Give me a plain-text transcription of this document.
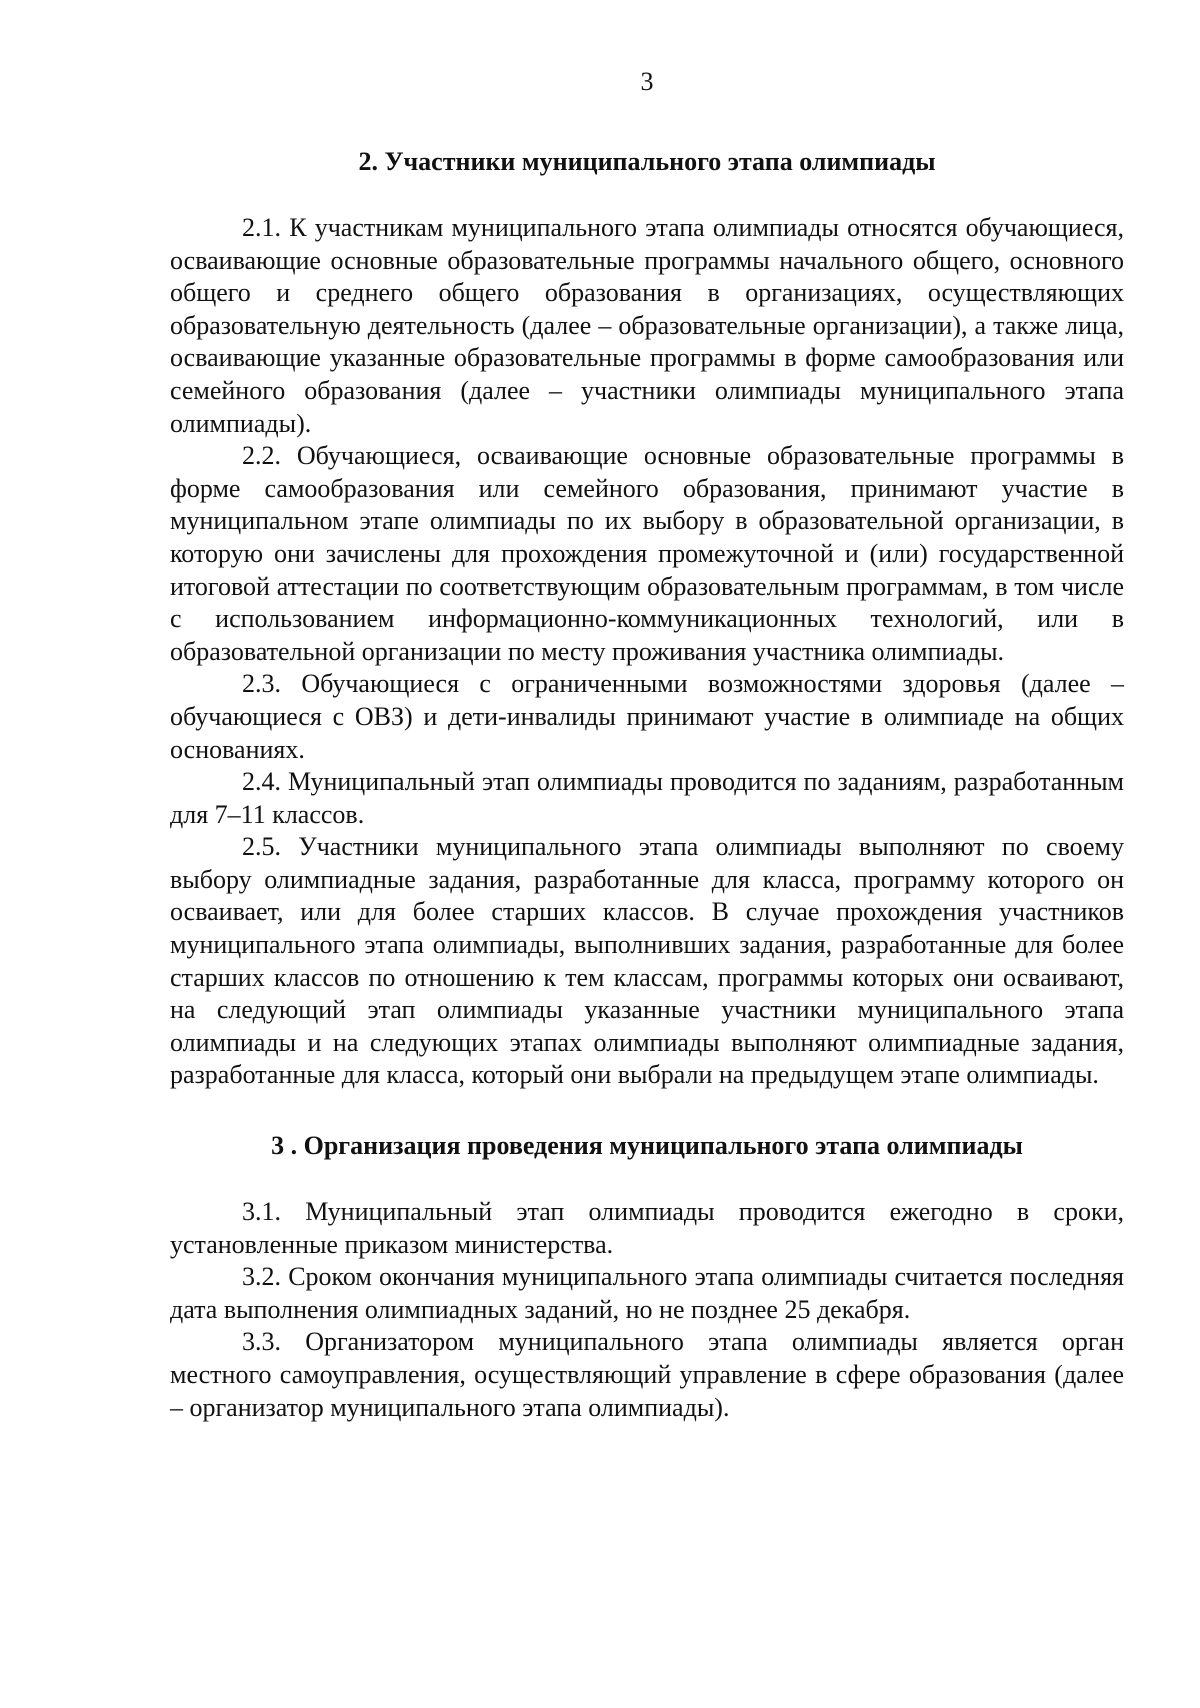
3
2. Участники муниципального этапа олимпиады

2.1. К участникам муниципального этапа олимпиады относятся обучающиеся, осваивающие основные образовательные программы начального общего, основного общего и среднего общего образования в организациях, осуществляющих образовательную деятельность (далее – образовательные организации), а также лица, осваивающие указанные образовательные программы в форме самообразования или семейного образования (далее – участники олимпиады муниципального этапа олимпиады).

2.2. Обучающиеся, осваивающие основные образовательные программы в форме самообразования или семейного образования, принимают участие в муниципальном этапе олимпиады по их выбору в образовательной организации, в которую они зачислены для прохождения промежуточной и (или) государственной итоговой аттестации по соответствующим образовательным программам, в том числе с использованием информационно-коммуникационных технологий, или в образовательной организации по месту проживания участника олимпиады.

2.3. Обучающиеся с ограниченными возможностями здоровья (далее – обучающиеся с ОВЗ) и дети-инвалиды принимают участие в олимпиаде на общих основаниях.

2.4. Муниципальный этап олимпиады проводится по заданиям, разработанным для 7–11 классов.

2.5. Участники муниципального этапа олимпиады выполняют по своему выбору олимпиадные задания, разработанные для класса, программу которого он осваивает, или для более старших классов. В случае прохождения участников муниципального этапа олимпиады, выполнивших задания, разработанные для более старших классов по отношению к тем классам, программы которых они осваивают, на следующий этап олимпиады указанные участники муниципального этапа олимпиады и на следующих этапах олимпиады выполняют олимпиадные задания, разработанные для класса, который они выбрали на предыдущем этапе олимпиады.

3 . Организация проведения муниципального этапа олимпиады

3.1. Муниципальный этап олимпиады проводится ежегодно в сроки, установленные приказом министерства.

3.2. Сроком окончания муниципального этапа олимпиады считается последняя дата выполнения олимпиадных заданий, но не позднее 25 декабря.

3.3. Организатором муниципального этапа олимпиады является орган местного самоуправления, осуществляющий управление в сфере образования (далее – организатор муниципального этапа олимпиады).
